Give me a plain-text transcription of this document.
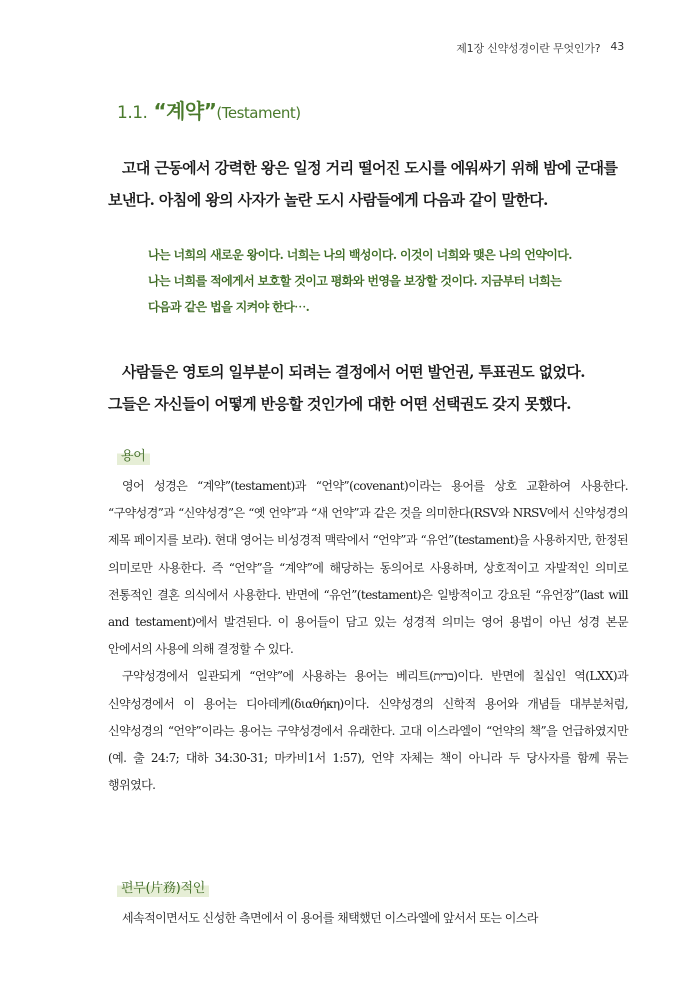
제1장 신약성경이란 무엇인가? 43
1.1. “계약”(Testament)

고대 근동에서 강력한 왕은 일정 거리 떨어진 도시를 에워싸기 위해 밤에 군대를 보낸다. 아침에 왕의 사자가 놀란 도시 사람들에게 다음과 같이 말한다.

나는 너희의 새로운 왕이다. 너희는 나의 백성이다. 이것이 너희와 맺은 나의 언약이다.
나는 너희를 적에게서 보호할 것이고 평화와 번영을 보장할 것이다. 지금부터 너희는
다음과 같은 법을 지켜야 한다⋯.

사람들은 영토의 일부분이 되려는 결정에서 어떤 발언권, 투표권도 없었다. 그들은 자신들이 어떻게 반응할 것인가에 대한 어떤 선택권도 갖지 못했다.

용어

영어 성경은 “계약”(testament)과 “언약”(covenant)이라는 용어를 상호 교환하여 사용한다. “구약성경”과 “신약성경”은 “옛 언약”과 “새 언약”과 같은 것을 의미한다(RSV와 NRSV에서 신약성경의 제목 페이지를 보라). 현대 영어는 비성경적 맥락에서 “언약”과 “유언”(testament)을 사용하지만, 한정된 의미로만 사용한다. 즉 “언약”을 “계약”에 해당하는 동의어로 사용하며, 상호적이고 자발적인 의미로 전통적인 결혼 의식에서 사용한다. 반면에 “유언”(testament)은 일방적이고 강요된 “유언장”(last will and testament)에서 발견된다. 이 용어들이 담고 있는 성경적 의미는 영어 용법이 아닌 성경 본문 안에서의 사용에 의해 결정할 수 있다.

구약성경에서 일관되게 “언약”에 사용하는 용어는 베리트(ברית)이다. 반면에 칠십인 역(LXX)과 신약성경에서 이 용어는 디아데케(διαθήκη)이다. 신약성경의 신학적 용어와 개념들 대부분처럼, 신약성경의 “언약”이라는 용어는 구약성경에서 유래한다. 고대 이스라엘이 “언약의 책”을 언급하였지만(예. 출 24:7; 대하 34:30-31; 마카비1서 1:57), 언약 자체는 책이 아니라 두 당사자를 함께 묶는 행위였다.

편무(片務)적인

세속적이면서도 신성한 측면에서 이 용어를 채택했던 이스라엘에 앞서서 또는 이스라
